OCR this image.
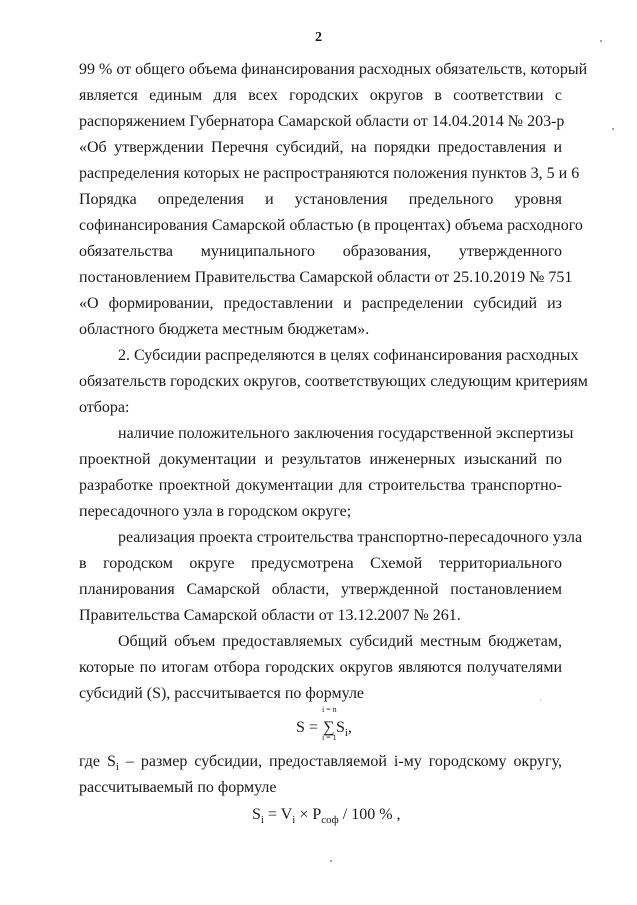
2
99 % от общего объема финансирования расходных обязательств, который
является единым для всех городских округов в соответствии с
распоряжением Губернатора Самарской области от 14.04.2014 № 203-р
«Об утверждении Перечня субсидий, на порядки предоставления и
распределения которых не распространяются положения пунктов 3, 5 и 6
Порядка определения и установления предельного уровня
софинансирования Самарской областью (в процентах) объема расходного
обязательства муниципального образования, утвержденного
постановлением Правительства Самарской области от 25.10.2019 № 751
«О формировании, предоставлении и распределении субсидий из
областного бюджета местным бюджетам».
2. Субсидии распределяются в целях софинансирования расходных
обязательств городских округов, соответствующих следующим критериям
отбора:
наличие положительного заключения государственной экспертизы
проектной документации и результатов инженерных изысканий по
разработке проектной документации для строительства транспортно-
пересадочного узла в городском округе;
реализация проекта строительства транспортно-пересадочного узла
в городском округе предусмотрена Схемой территориального
планирования Самарской области, утвержденной постановлением
Правительства Самарской области от 13.12.2007 № 261.
Общий объем предоставляемых субсидий местным бюджетам,
которые по итогам отбора городских округов являются получателями
субсидий (S), рассчитывается по формуле
S =
i = n
∑
i = 1
$S_i$,
где $S_i$ – размер субсидии, предоставляемой i-му городскому округу,
рассчитываемый по формуле
$S_i = V_i \times P_{соф} / 100$ % ,
